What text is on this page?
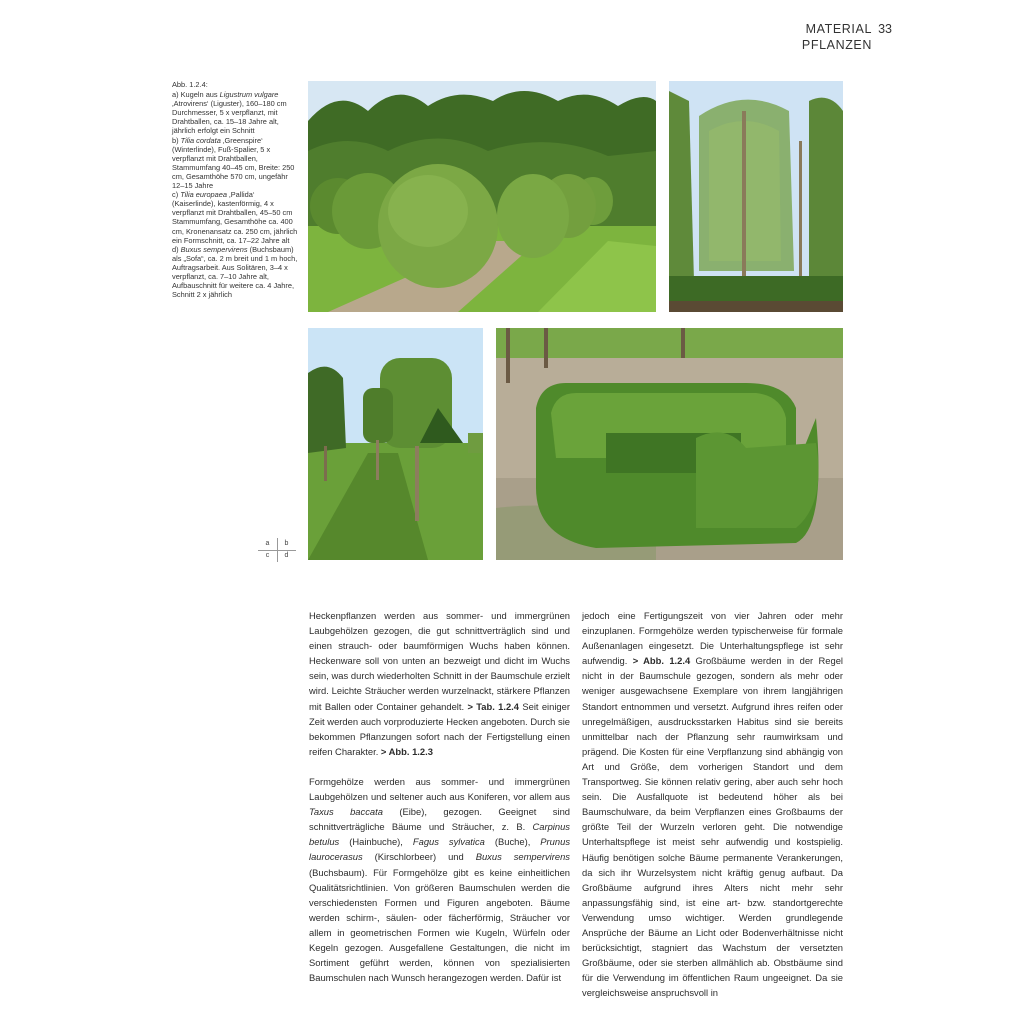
MATERIAL 33
PFLANZEN
Abb. 1.2.4:

a) Kugeln aus Ligustrum vulgare ‚Atrovirens‘ (Liguster), 160–180 cm Durchmesser, 5 x verpflanzt, mit Drahtballen, ca. 15–18 Jahre alt, jährlich erfolgt ein Schnitt

b) Tilia cordata ‚Greenspire‘ (Winterlinde), Fuß-Spalier, 5 x verpflanzt mit Drahtballen, Stammumfang 40–45 cm, Breite: 250 cm, Gesamthöhe 570 cm, ungefähr 12–15 Jahre

c) Tilia europaea ‚Pallida‘ (Kaiserlinde), kastenförmig, 4 x verpflanzt mit Drahtballen, 45–50 cm Stammumfang, Gesamthöhe ca. 400 cm, Kronenansatz ca. 250 cm, jährlich ein Formschnitt, ca. 17–22 Jahre alt

d) Buxus sempervirens (Buchsbaum) als „Sofa“, ca. 2 m breit und 1 m hoch, Auftragsarbeit. Aus Solitären, 3–4 x verpflanzt, ca. 7–10 Jahre alt, Aufbauschnitt für weitere ca. 4 Jahre, Schnitt 2 x jährlich

a	b
c	d

Heckenpflanzen werden aus sommer- und immergrünen Laubgehölzen gezogen, die gut schnittverträglich sind und einen strauch- oder baumförmigen Wuchs haben können. Heckenware soll von unten an bezweigt und dicht im Wuchs sein, was durch wiederholten Schnitt in der Baumschule erzielt wird. Leichte Sträucher werden wurzelnackt, stärkere Pflanzen mit Ballen oder Container gehandelt. > Tab. 1.2.4 Seit einiger Zeit werden auch vorproduzierte Hecken angeboten. Durch sie bekommen Pflanzungen sofort nach der Fertigstellung einen reifen Charakter. > Abb. 1.2.3

Formgehölze werden aus sommer- und immergrünen Laubgehölzen und seltener auch aus Koniferen, vor allem aus Taxus baccata (Eibe), gezogen. Geeignet sind schnittverträgliche Bäume und Sträucher, z. B. Carpinus betulus (Hainbuche), Fagus sylvatica (Buche), Prunus laurocerasus (Kirschlorbeer) und Buxus sempervirens (Buchsbaum). Für Formgehölze gibt es keine einheitlichen Qualitätsrichtlinien. Von größeren Baumschulen werden die verschiedensten Formen und Figuren angeboten. Bäume werden schirm-, säulen- oder fächerförmig, Sträucher vor allem in geometrischen Formen wie Kugeln, Würfeln oder Kegeln gezogen. Ausgefallene Gestaltungen, die nicht im Sortiment geführt werden, können von spezialisierten Baumschulen nach Wunsch herangezogen werden. Dafür ist

jedoch eine Fertigungszeit von vier Jahren oder mehr einzuplanen. Formgehölze werden typischerweise für formale Außenanlagen eingesetzt. Die Unterhaltungspflege ist sehr aufwendig. > Abb. 1.2.4 Großbäume werden in der Regel nicht in der Baumschule gezogen, sondern als mehr oder weniger ausgewachsene Exemplare von ihrem langjährigen Standort entnommen und versetzt. Aufgrund ihres reifen oder unregelmäßigen, ausdrucksstarken Habitus sind sie bereits unmittelbar nach der Pflanzung sehr raumwirksam und prägend. Die Kosten für eine Verpflanzung sind abhängig von Art und Größe, dem vorherigen Standort und dem Transportweg. Sie können relativ gering, aber auch sehr hoch sein. Die Ausfallquote ist bedeutend höher als bei Baumschulware, da beim Verpflanzen eines Großbaums der größte Teil der Wurzeln verloren geht. Die notwendige Unterhaltspflege ist meist sehr aufwendig und kostspielig. Häufig benötigen solche Bäume permanente Verankerungen, da sich ihr Wurzelsystem nicht kräftig genug aufbaut. Da Großbäume aufgrund ihres Alters nicht mehr sehr anpassungsfähig sind, ist eine art- bzw. standortgerechte Verwendung umso wichtiger. Werden grundlegende Ansprüche der Bäume an Licht oder Bodenverhältnisse nicht berücksichtigt, stagniert das Wachstum der versetzten Großbäume, oder sie sterben allmählich ab. Obstbäume sind für die Verwendung im öffentlichen Raum ungeeignet. Da sie vergleichsweise anspruchsvoll in
